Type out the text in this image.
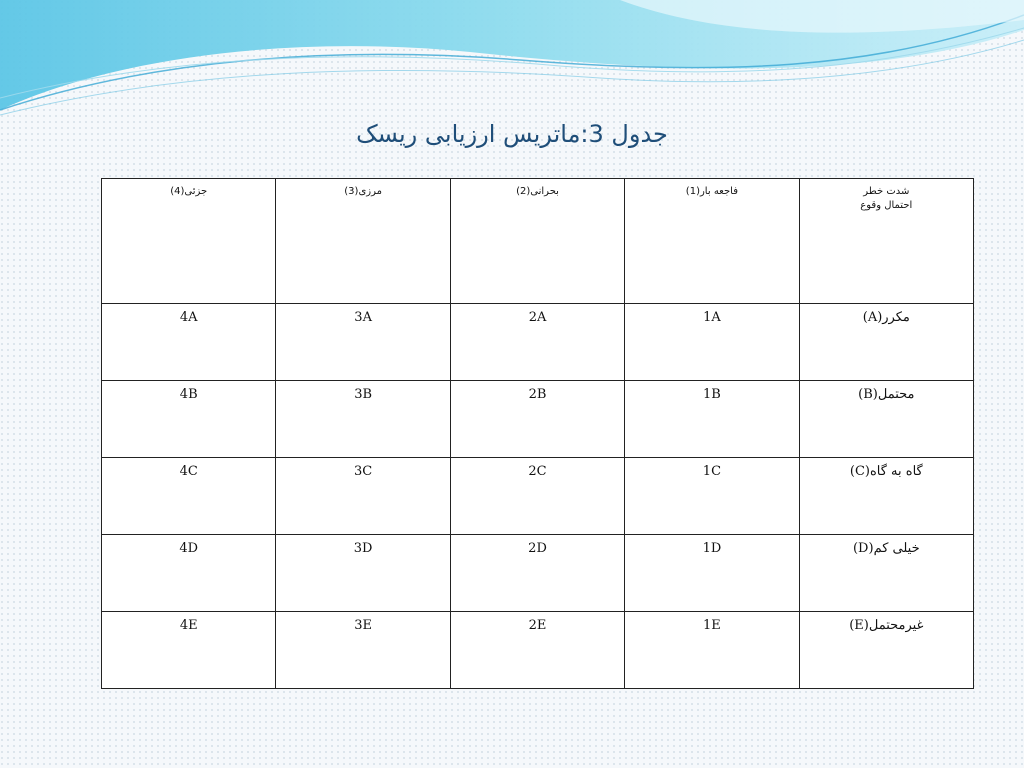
جدول 3:ماتریس ارزیابی ریسک
شدت خطر
احتمال وقوع	فاجعه بار(1)	بحرانی(2)	مرزی(3)	جزئی(4)
مکرر(A)	1A	2A	3A	4A
محتمل(B)	1B	2B	3B	4B
گاه به گاه(C)	1C	2C	3C	4C
خیلی کم(D)	1D	2D	3D	4D
غیرمحتمل(E)	1E	2E	3E	4E
